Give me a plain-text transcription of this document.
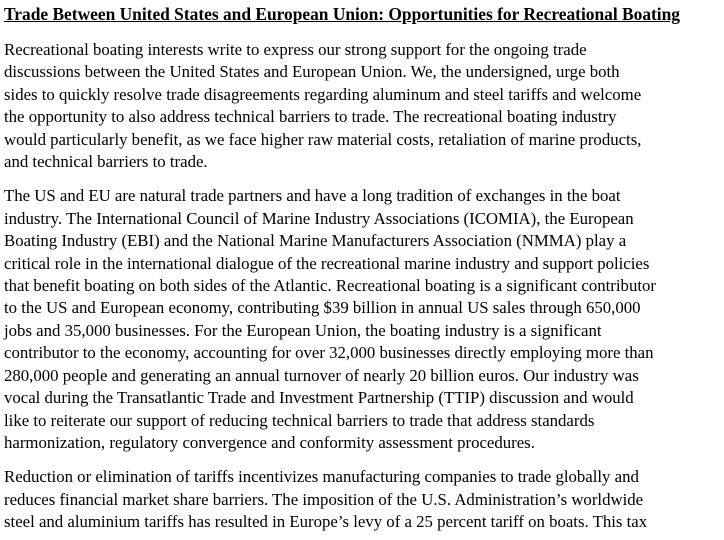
Trade Between United States and European Union: Opportunities for Recreational Boating

Recreational boating interests write to express our strong support for the ongoing trade
discussions between the United States and European Union. We, the undersigned, urge both
sides to quickly resolve trade disagreements regarding aluminum and steel tariffs and welcome
the opportunity to also address technical barriers to trade. The recreational boating industry
would particularly benefit, as we face higher raw material costs, retaliation of marine products,
and technical barriers to trade.

The US and EU are natural trade partners and have a long tradition of exchanges in the boat
industry. The International Council of Marine Industry Associations (ICOMIA), the European
Boating Industry (EBI) and the National Marine Manufacturers Association (NMMA) play a
critical role in the international dialogue of the recreational marine industry and support policies
that benefit boating on both sides of the Atlantic. Recreational boating is a significant contributor
to the US and European economy, contributing $39 billion in annual US sales through 650,000
jobs and 35,000 businesses. For the European Union, the boating industry is a significant
contributor to the economy, accounting for over 32,000 businesses directly employing more than
280,000 people and generating an annual turnover of nearly 20 billion euros. Our industry was
vocal during the Transatlantic Trade and Investment Partnership (TTIP) discussion and would
like to reiterate our support of reducing technical barriers to trade that address standards
harmonization, regulatory convergence and conformity assessment procedures.

Reduction or elimination of tariffs incentivizes manufacturing companies to trade globally and
reduces financial market share barriers. The imposition of the U.S. Administration’s worldwide
steel and aluminium tariffs has resulted in Europe’s levy of a 25 percent tariff on boats. This tax
